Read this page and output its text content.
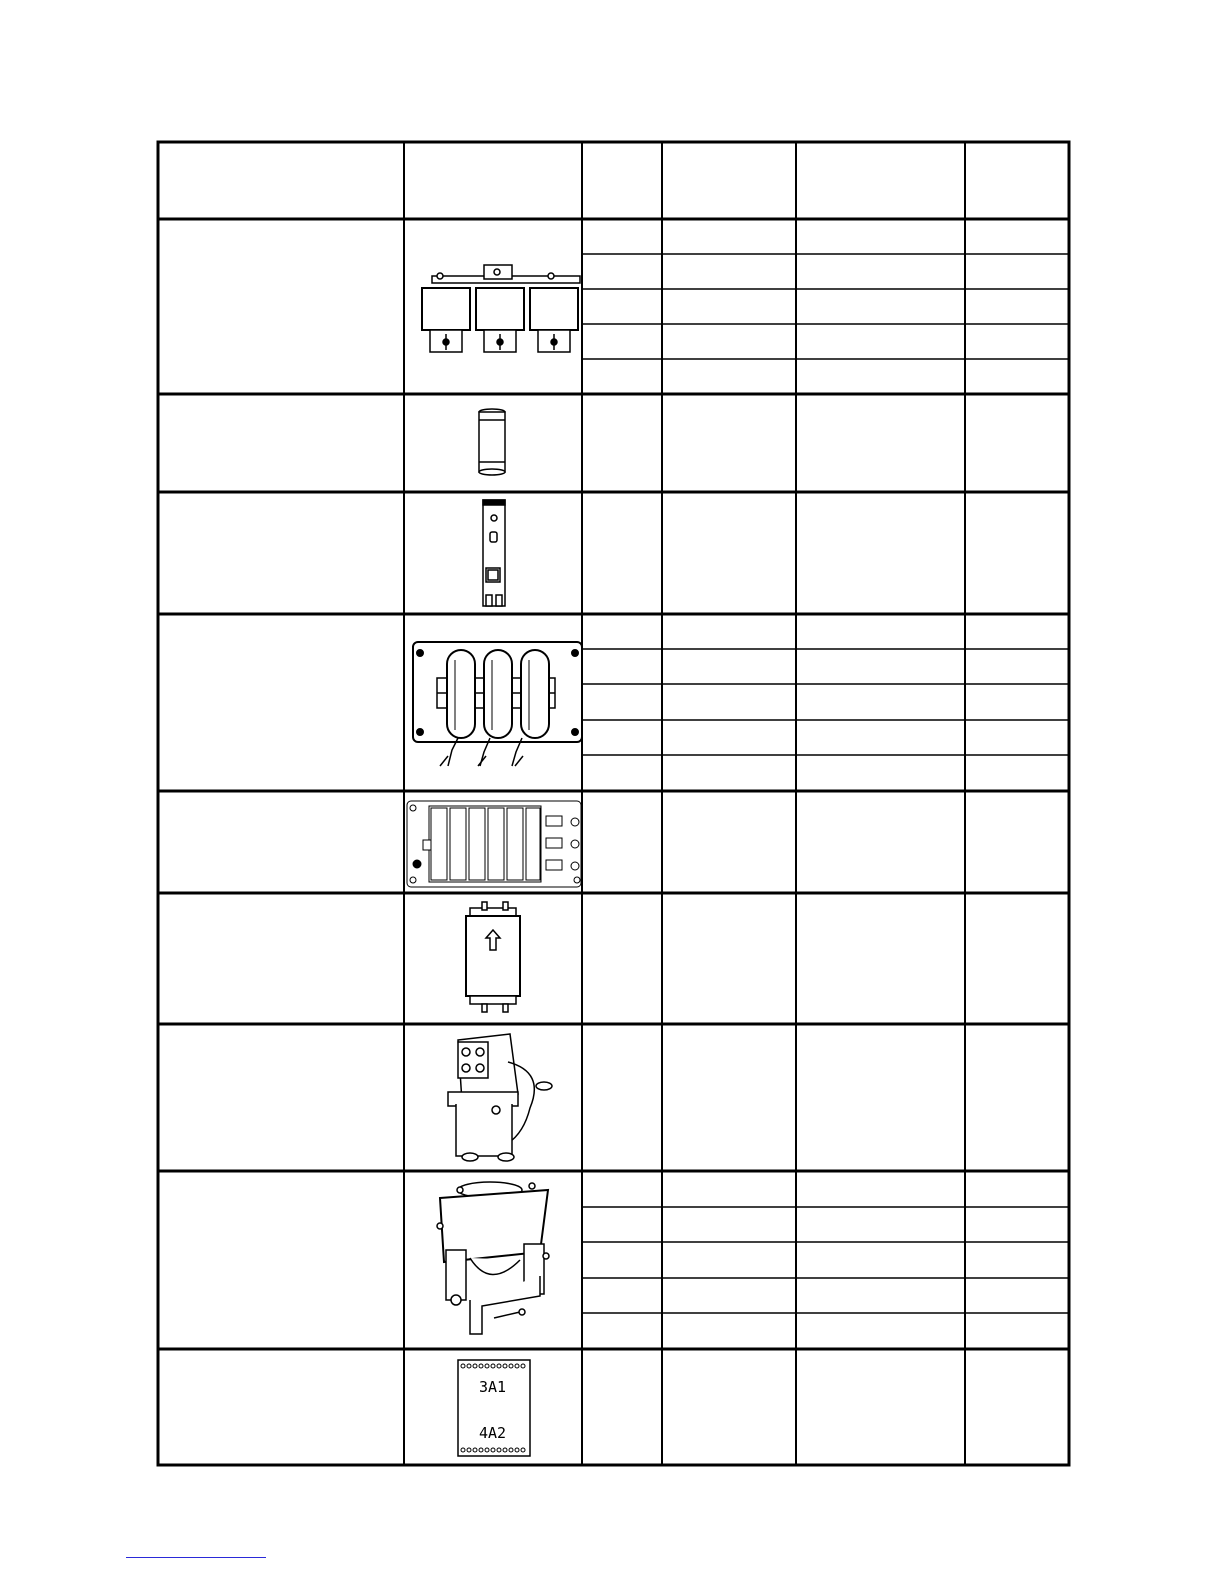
3A1
4A2
